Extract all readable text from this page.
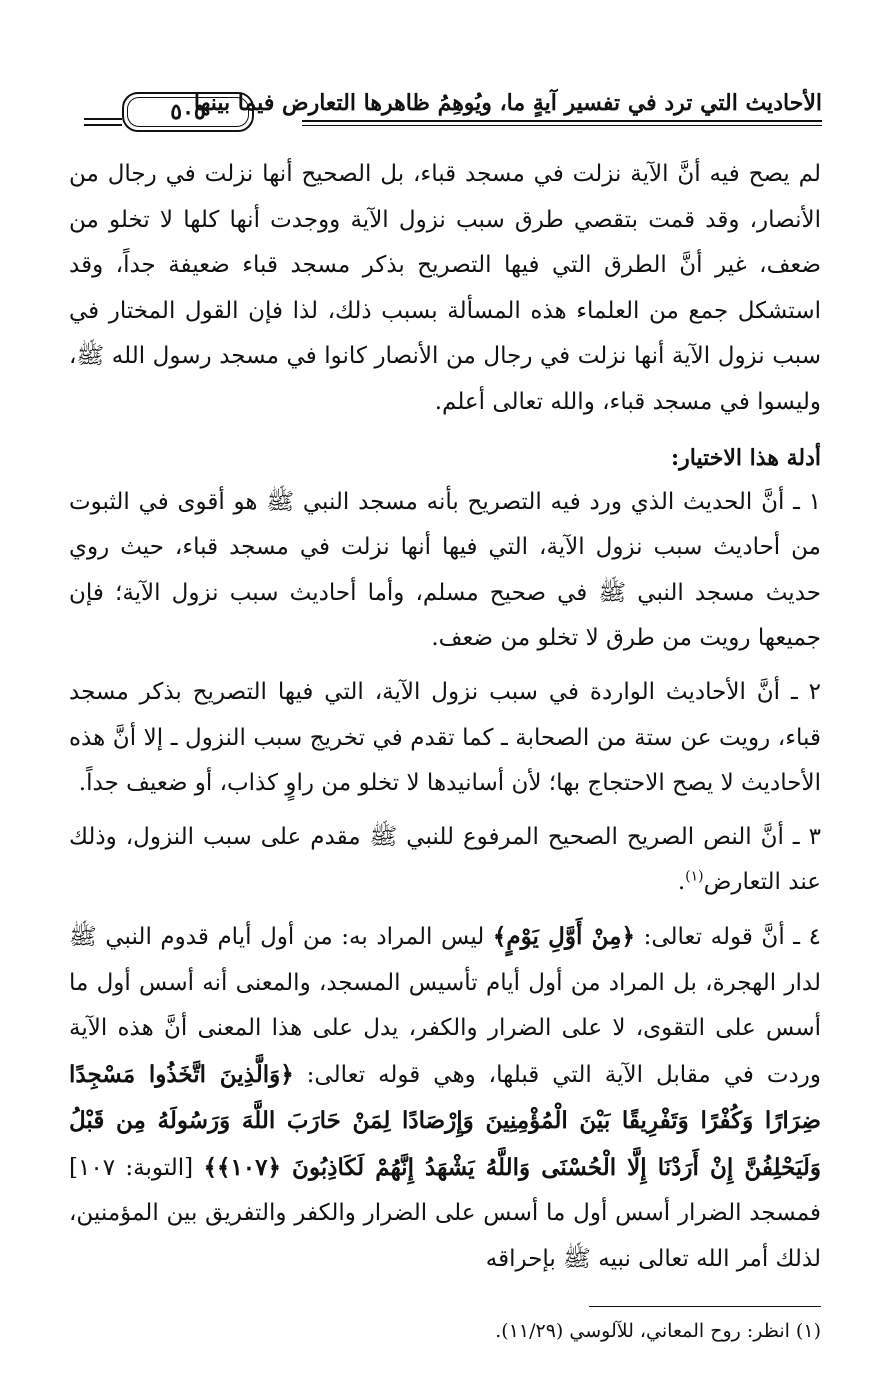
الأحاديث التي ترد في تفسير آيةٍ ما، ويُوهِمُ ظاهرها التعارض فيما بينها
٥٠٥

لم يصح فيه أنَّ الآية نزلت في مسجد قباء، بل الصحيح أنها نزلت في رجال من الأنصار، وقد قمت بتقصي طرق سبب نزول الآية ووجدت أنها كلها لا تخلو من ضعف، غير أنَّ الطرق التي فيها التصريح بذكر مسجد قباء ضعيفة جداً، وقد استشكل جمع من العلماء هذه المسألة بسبب ذلك، لذا فإن القول المختار في سبب نزول الآية أنها نزلت في رجال من الأنصار كانوا في مسجد رسول الله ﷺ، وليسوا في مسجد قباء، والله تعالى أعلم.

أدلة هذا الاختيار:

١ ـ أنَّ الحديث الذي ورد فيه التصريح بأنه مسجد النبي ﷺ هو أقوى في الثبوت من أحاديث سبب نزول الآية، التي فيها أنها نزلت في مسجد قباء، حيث روي حديث مسجد النبي ﷺ في صحيح مسلم، وأما أحاديث سبب نزول الآية؛ فإن جميعها رويت من طرق لا تخلو من ضعف.

٢ ـ أنَّ الأحاديث الواردة في سبب نزول الآية، التي فيها التصريح بذكر مسجد قباء، رويت عن ستة من الصحابة ـ كما تقدم في تخريج سبب النزول ـ إلا أنَّ هذه الأحاديث لا يصح الاحتجاج بها؛ لأن أسانيدها لا تخلو من راوٍ كذاب، أو ضعيف جداً.

٣ ـ أنَّ النص الصريح الصحيح المرفوع للنبي ﷺ مقدم على سبب النزول، وذلك عند التعارض$^{(١)}$.

٤ ـ أنَّ قوله تعالى: ﴿مِنْ أَوَّلِ يَوْمٍ﴾ ليس المراد به: من أول أيام قدوم النبي ﷺ لدار الهجرة، بل المراد من أول أيام تأسيس المسجد، والمعنى أنه أسس أول ما أسس على التقوى، لا على الضرار والكفر، يدل على هذا المعنى أنَّ هذه الآية وردت في مقابل الآية التي قبلها، وهي قوله تعالى: ﴿وَالَّذِينَ اتَّخَذُوا مَسْجِدًا ضِرَارًا وَكُفْرًا وَتَفْرِيقًا بَيْنَ الْمُؤْمِنِينَ وَإِرْصَادًا لِمَنْ حَارَبَ اللَّهَ وَرَسُولَهُ مِن قَبْلُ وَلَيَحْلِفُنَّ إِنْ أَرَدْنَا إِلَّا الْحُسْنَى وَاللَّهُ يَشْهَدُ إِنَّهُمْ لَكَاذِبُونَ ﴿١٠٧﴾﴾ [التوبة: ١٠٧] فمسجد الضرار أسس أول ما أسس على الضرار والكفر والتفريق بين المؤمنين، لذلك أمر الله تعالى نبيه ﷺ بإحراقه

(١) انظر: روح المعاني، للآلوسي (١١/٢٩).
